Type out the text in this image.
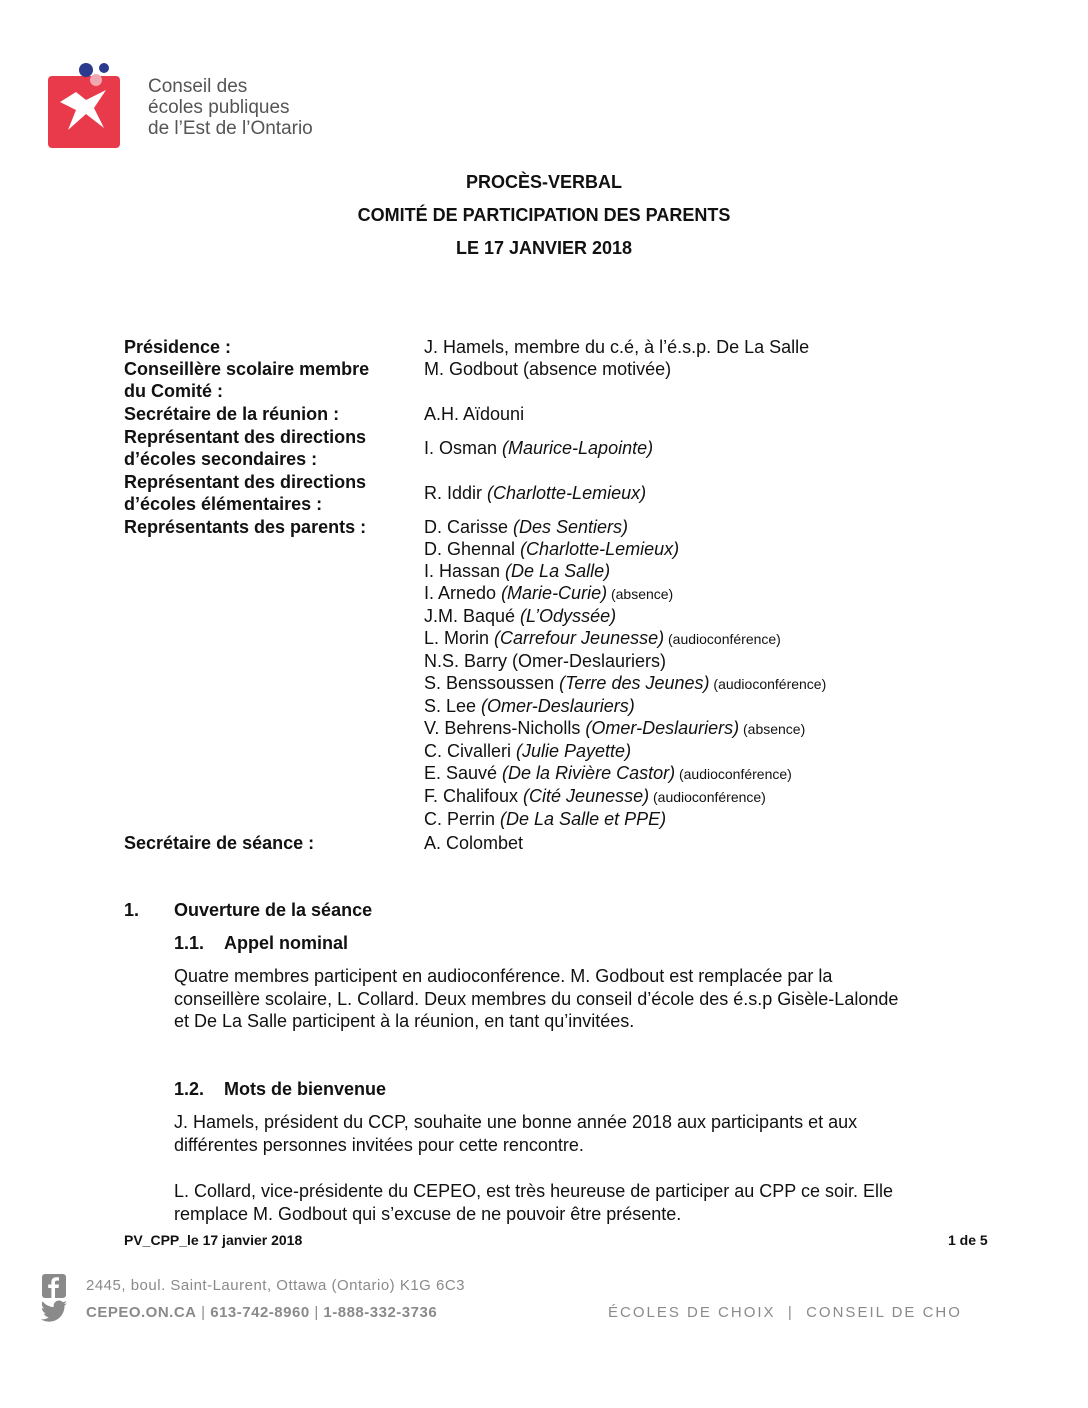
Conseil des
écoles publiques
de l’Est de l’Ontario
PROCÈS-VERBAL
COMITÉ DE PARTICIPATION DES PARENTS
LE 17 JANVIER 2018
Présidence :	J. Hamels, membre du c.é, à l’é.s.p. De La Salle
Conseillère scolaire membre
du Comité :
M. Godbout (absence motivée)
Secrétaire de la réunion :	A.H. Aïdouni
Représentant des directions
d’écoles secondaires :
I. Osman (Maurice-Lapointe)
Représentant des directions
d’écoles élémentaires :
R. Iddir (Charlotte-Lemieux)
Représentants des parents :	D. Carisse (Des Sentiers)
D. Ghennal (Charlotte-Lemieux)
I. Hassan (De La Salle)
I. Arnedo (Marie-Curie) (absence)
J.M. Baqué (L’Odyssée)
L. Morin (Carrefour Jeunesse) (audioconférence)
N.S. Barry (Omer-Deslauriers)
S. Benssoussen (Terre des Jeunes) (audioconférence)
S. Lee (Omer-Deslauriers)
V. Behrens-Nicholls (Omer-Deslauriers) (absence)
C. Civalleri (Julie Payette)
E. Sauvé (De la Rivière Castor) (audioconférence)
F. Chalifoux (Cité Jeunesse) (audioconférence)
C. Perrin (De La Salle et PPE)
Secrétaire de séance :	A. Colombet
1. Ouverture de la séance
1.1. Appel nominal
Quatre membres participent en audioconférence. M. Godbout est remplacée par la conseillère scolaire, L. Collard. Deux membres du conseil d’école des é.s.p Gisèle-Lalonde et De La Salle participent à la réunion, en tant qu’invitées.
1.2. Mots de bienvenue
J. Hamels, président du CCP, souhaite une bonne année 2018 aux participants et aux différentes personnes invitées pour cette rencontre.
L. Collard, vice-présidente du CEPEO, est très heureuse de participer au CPP ce soir. Elle remplace M. Godbout qui s’excuse de ne pouvoir être présente.
PV_CPP_le 17 janvier 2018	1 de 5
2445, boul. Saint-Laurent, Ottawa (Ontario) K1G 6C3
CEPEO.ON.CA | 613-742-8960 | 1-888-332-3736	ÉCOLES DE CHOIX  |  CONSEIL DE CHO
